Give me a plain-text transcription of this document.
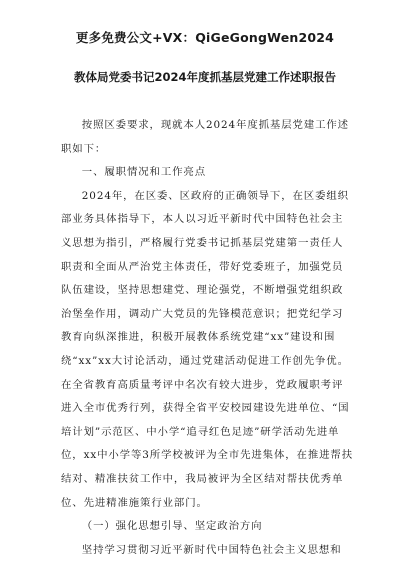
更多免费公文+VX：QiGeGongWen2024
教体局党委书记2024年度抓基层党建工作述职报告

按照区委要求，现就本人2024年度抓基层党建工作述职如下：

一、履职情况和工作亮点

2024年，在区委、区政府的正确领导下，在区委组织部业务具体指导下，本人以习近平新时代中国特色社会主义思想为指引，严格履行党委书记抓基层党建第一责任人职责和全面从严治党主体责任，带好党委班子，加强党员队伍建设，坚持思想建党、理论强党，不断增强党组织政治堡垒作用，调动广大党员的先锋模范意识；把党纪学习教育向纵深推进，积极开展教体系统党建“xx”建设和围绕“xx”xx大讨论活动，通过党建活动促进工作创先争优。在全省教育高质量考评中名次有较大进步，党政履职考评进入全市优秀行列，获得全省平安校园建设先进单位、“国培计划”示范区、中小学“追寻红色足迹”研学活动先进单位，xx中小学等3所学校被评为全市先进集体，在推进帮扶结对、精准扶贫工作中，我局被评为全区结对帮扶优秀单位、先进精准施策行业部门。

（一）强化思想引导、坚定政治方向

坚持学习贯彻习近平新时代中国特色社会主义思想和
